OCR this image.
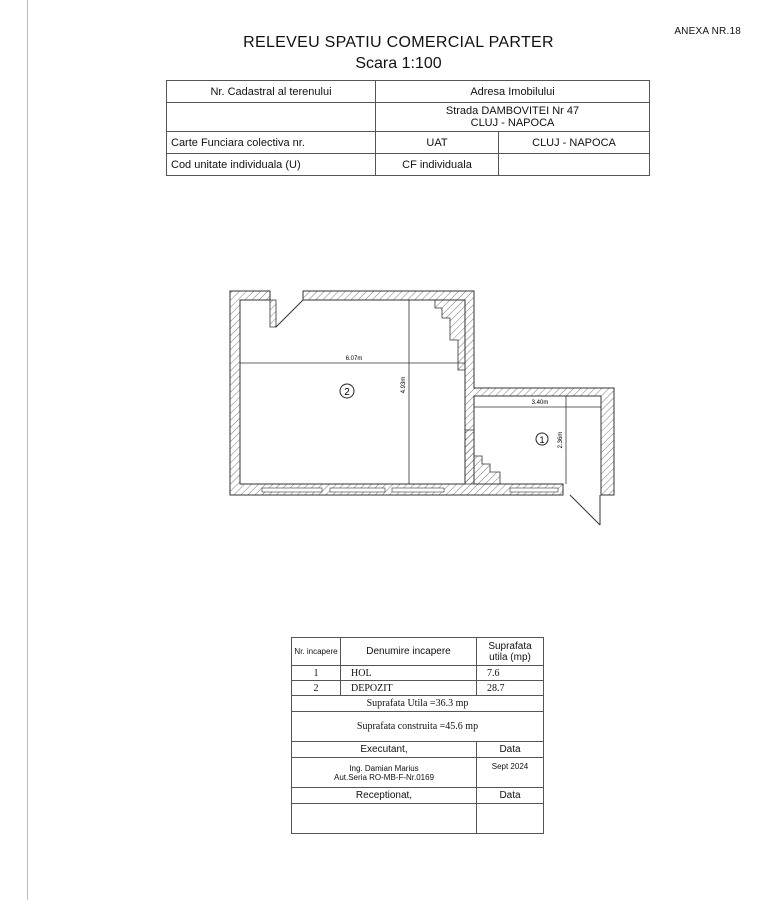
ANEXA NR.18
RELEVEU SPATIU COMERCIAL PARTER
Scara 1:100
Nr. Cadastral al terenului	Adresa Imobilului	

	Strada DAMBOVITEI Nr 47
CLUJ - NAPOCA	

Carte Funciara colectiva nr.	UAT	CLUJ - NAPOCA
Cod unitate individuala (U)	CF individuala	
6.07m
4.93m
3.40m
2.36m
2
1
Nr. incapere	Denumire incapere	Suprafata utila (mp)
1	HOL	7.6
2	DEPOZIT	28.7
Suprafata Utila =36.3 mp		
Suprafata construita =45.6 mp		
Executant,		Data

Ing. Damian Marius
Aut.Seria RO-MB-F-Nr.0169		Sept 2024
Receptionat,		Data
